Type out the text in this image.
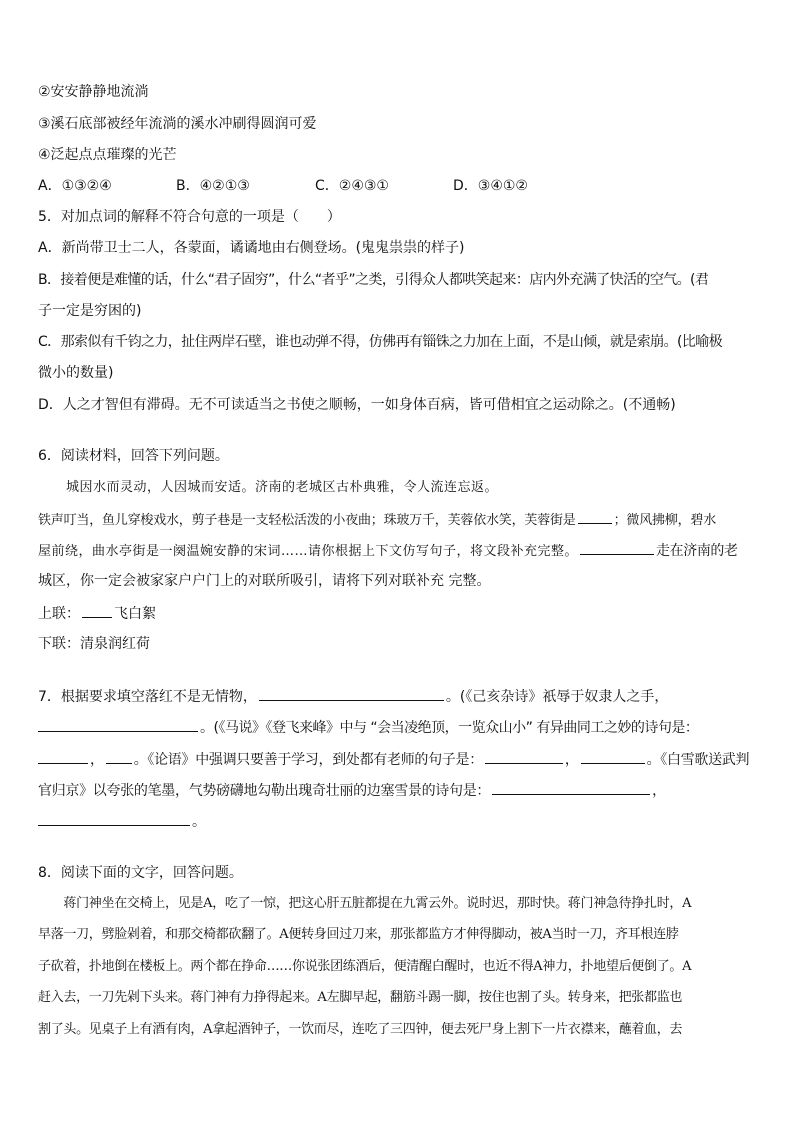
②安安静静地流淌
③溪石底部被经年流淌的溪水冲刷得圆润可爱
④泛起点点璀璨的光芒
A．①③②④	B．④②①③	C．②④③①	D．③④①②
5．对加点词的解释不符合句意的一项是（　　）
A．新尚带卫士二人，各蒙面，谲谲地由右侧登场。(鬼鬼祟祟的样子)
B．接着便是难懂的话，什么“君子固穷”，什么“者乎”之类，引得众人都哄笑起来：店内外充满了快活的空气。(君
子一定是穷困的)
C．那索似有千钧之力，扯住两岸石壁，谁也动弹不得，仿佛再有锱铢之力加在上面，不是山倾，就是索崩。(比喻极
微小的数量)
D．人之才智但有滞碍。无不可读适当之书使之顺畅，一如身体百病，皆可借相宜之运动除之。(不通畅)
6．阅读材料，回答下列问题。
城因水而灵动，人因城而安适。济南的老城区古朴典雅，令人流连忘返。
铁声叮当，鱼儿穿梭戏水，剪子巷是一支轻松活泼的小夜曲；珠玻万千，芙蓉依水笑，芙蓉街是	；微风拂柳，碧水
屋前绕，曲水亭街是一阕温婉安静的宋词……请你根据上下文仿写句子，将文段补充完整。	走在济南的老
城区，你一定会被家家户户门上的对联所吸引，请将下列对联补充 完整。
上联： 飞白絮
下联：清泉润红荷
7．根据要求填空落红不是无情物，	。(《己亥杂诗》祇辱于奴隶人之手，
。(《马说》《登飞来峰》中与 “会当凌绝顶，一览众山小” 有异曲同工之妙的诗句是：
， 。《论语》中强调只要善于学习，到处都有老师的句子是：	，	。《白雪歌送武判
官归京》以夸张的笔墨，气势磅礴地勾勒出瑰奇壮丽的边塞雪景的诗句是：	，
。
8．阅读下面的文字，回答问题。
　　蒋门神坐在交椅上，见是A，吃了一惊，把这心肝五脏都提在九霄云外。说时迟，那时快。蒋门神急待挣扎时，A
早落一刀，劈脸剁着，和那交椅都砍翻了。A便转身回过刀来，那张都监方才伸得脚动，被A当时一刀，齐耳根连脖
子砍着，扑地倒在楼板上。两个都在挣命……你说张团练酒后，便清醒白醒时，也近不得A神力，扑地望后便倒了。A
赶入去，一刀先剁下头来。蒋门神有力挣得起来。A左脚早起，翻筋斗踢一脚，按住也割了头。转身来，把张都监也
割了头。见桌子上有酒有肉，A拿起酒钟子，一饮而尽，连吃了三四钟，便去死尸身上割下一片衣襟来，蘸着血，去
